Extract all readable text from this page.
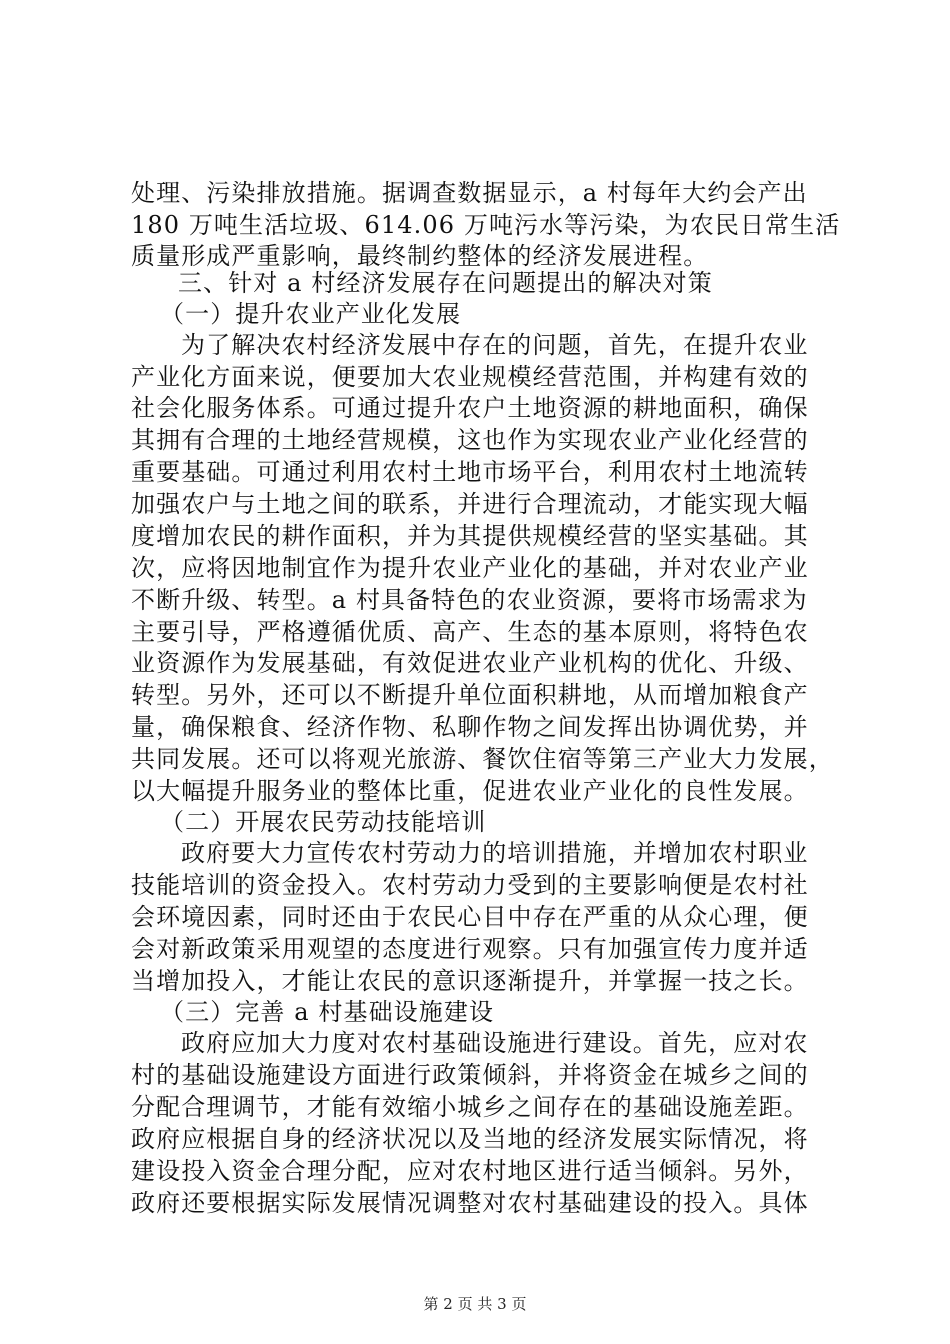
处理、污染排放措施。据调查数据显示，a 村每年大约会产出
180 万吨生活垃圾、614.06 万吨污水等污染，为农民日常生活
质量形成严重影响，最终制约整体的经济发展进程。
三、针对 a 村经济发展存在问题提出的解决对策
（一）提升农业产业化发展
为了解决农村经济发展中存在的问题，首先，在提升农业
产业化方面来说，便要加大农业规模经营范围，并构建有效的
社会化服务体系。可通过提升农户土地资源的耕地面积，确保
其拥有合理的土地经营规模，这也作为实现农业产业化经营的
重要基础。可通过利用农村土地市场平台，利用农村土地流转
加强农户与土地之间的联系，并进行合理流动，才能实现大幅
度增加农民的耕作面积，并为其提供规模经营的坚实基础。其
次，应将因地制宜作为提升农业产业化的基础，并对农业产业
不断升级、转型。a 村具备特色的农业资源，要将市场需求为
主要引导，严格遵循优质、高产、生态的基本原则，将特色农
业资源作为发展基础，有效促进农业产业机构的优化、升级、
转型。另外，还可以不断提升单位面积耕地，从而增加粮食产
量，确保粮食、经济作物、私聊作物之间发挥出协调优势，并
共同发展。还可以将观光旅游、餐饮住宿等第三产业大力发展，
以大幅提升服务业的整体比重，促进农业产业化的良性发展。
（二）开展农民劳动技能培训
政府要大力宣传农村劳动力的培训措施，并增加农村职业
技能培训的资金投入。农村劳动力受到的主要影响便是农村社
会环境因素，同时还由于农民心目中存在严重的从众心理，便
会对新政策采用观望的态度进行观察。只有加强宣传力度并适
当增加投入，才能让农民的意识逐渐提升，并掌握一技之长。
（三）完善 a 村基础设施建设
政府应加大力度对农村基础设施进行建设。首先，应对农
村的基础设施建设方面进行政策倾斜，并将资金在城乡之间的
分配合理调节，才能有效缩小城乡之间存在的基础设施差距。
政府应根据自身的经济状况以及当地的经济发展实际情况，将
建设投入资金合理分配，应对农村地区进行适当倾斜。另外，
政府还要根据实际发展情况调整对农村基础建设的投入。具体
第 2 页 共 3 页
